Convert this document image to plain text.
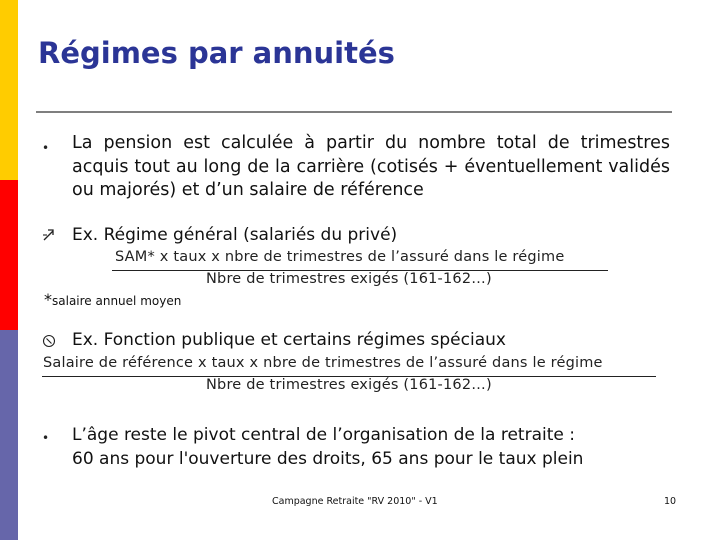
Régimes par annuités
• La pension est calculée à partir du nombre total de trimestres acquis tout au long de la carrière (cotisés + éventuellement validés ou majorés) et d’un salaire de référence
Ex. Régime général (salariés du privé)
SAM* x taux x nbre de trimestres de l’assuré dans le régime
Nbre de trimestres exigés (161-162…)
*salaire annuel moyen
Ex. Fonction publique et certains régimes spéciaux
Salaire de référence x taux x nbre de trimestres de l’assuré dans le régime
Nbre de trimestres exigés (161-162…)
• L’âge reste le pivot central de l’organisation de la retraite :
60 ans pour l'ouverture des droits, 65 ans pour le taux plein
Campagne Retraite "RV 2010" - V1	10
